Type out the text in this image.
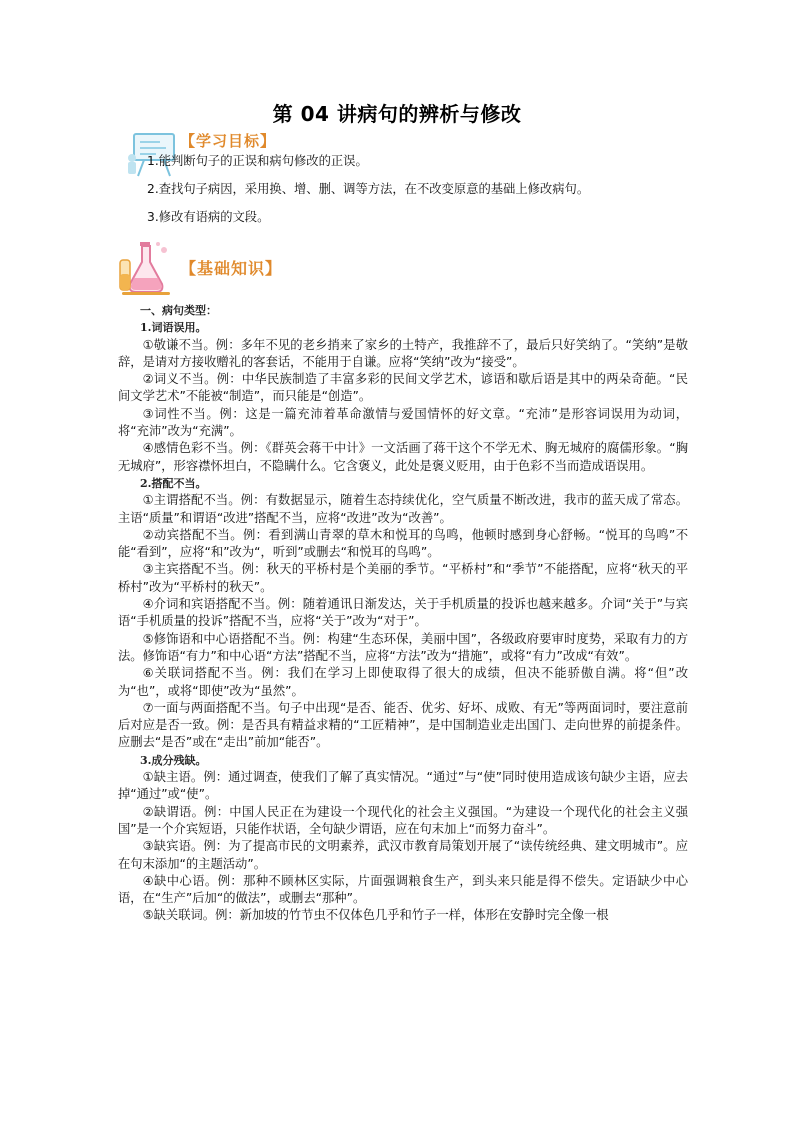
第 04 讲病句的辨析与修改
【学习目标】
1.能判断句子的正误和病句修改的正误。
2.查找句子病因，采用换、增、删、调等方法，在不改变原意的基础上修改病句。
3.修改有语病的文段。
【基础知识】

一、病句类型：

1.词语误用。

①敬谦不当。例：多年不见的老乡捎来了家乡的土特产，我推辞不了，最后只好笑纳了。“笑纳”是敬辞，是请对方接收赠礼的客套话，不能用于自谦。应将“笑纳”改为“接受”。

②词义不当。例：中华民族制造了丰富多彩的民间文学艺术，谚语和歇后语是其中的两朵奇葩。“民间文学艺术”不能被“制造”，而只能是“创造”。

③词性不当。例：这是一篇充沛着革命激情与爱国情怀的好文章。“充沛”是形容词误用为动词，将“充沛”改为“充满”。

④感情色彩不当。例：《群英会蒋干中计》一文活画了蒋干这个不学无术、胸无城府的腐儒形象。“胸无城府”，形容襟怀坦白，不隐瞒什么。它含褒义，此处是褒义贬用，由于色彩不当而造成语误用。

2.搭配不当。

①主谓搭配不当。例：有数据显示，随着生态持续优化，空气质量不断改进，我市的蓝天成了常态。主语“质量”和谓语“改进”搭配不当，应将“改进”改为“改善”。

②动宾搭配不当。例：看到满山青翠的草木和悦耳的鸟鸣，他顿时感到身心舒畅。“悦耳的鸟鸣”不能“看到”，应将“和”改为“，听到”或删去“和悦耳的鸟鸣”。

③主宾搭配不当。例：秋天的平桥村是个美丽的季节。“平桥村”和“季节”不能搭配，应将“秋天的平桥村”改为“平桥村的秋天”。

④介词和宾语搭配不当。例：随着通讯日渐发达，关于手机质量的投诉也越来越多。介词“关于”与宾语“手机质量的投诉”搭配不当，应将“关于”改为“对于”。

⑤修饰语和中心语搭配不当。例：构建“生态环保，美丽中国”，各级政府要审时度势，采取有力的方法。修饰语“有力”和中心语“方法”搭配不当，应将“方法”改为“措施”，或将“有力”改成“有效”。

⑥关联词搭配不当。例：我们在学习上即使取得了很大的成绩，但决不能骄傲自满。将“但”改为“也”，或将“即使”改为“虽然”。

⑦一面与两面搭配不当。句子中出现“是否、能否、优劣、好坏、成败、有无”等两面词时，要注意前后对应是否一致。例：是否具有精益求精的“工匠精神”，是中国制造业走出国门、走向世界的前提条件。应删去“是否”或在“走出”前加“能否”。

3.成分残缺。

①缺主语。例：通过调查，使我们了解了真实情况。“通过”与“使”同时使用造成该句缺少主语，应去掉“通过”或“使”。

②缺谓语。例：中国人民正在为建设一个现代化的社会主义强国。“为建设一个现代化的社会主义强国”是一个介宾短语，只能作状语，全句缺少谓语，应在句末加上“而努力奋斗”。

③缺宾语。例：为了提高市民的文明素养，武汉市教育局策划开展了“读传统经典、建文明城市”。应在句末添加“的主题活动”。

④缺中心语。例：那种不顾林区实际，片面强调粮食生产，到头来只能是得不偿失。定语缺少中心语，在“生产”后加“的做法”，或删去“那种”。

⑤缺关联词。例：新加坡的竹节虫不仅体色几乎和竹子一样，体形在安静时完全像一根
